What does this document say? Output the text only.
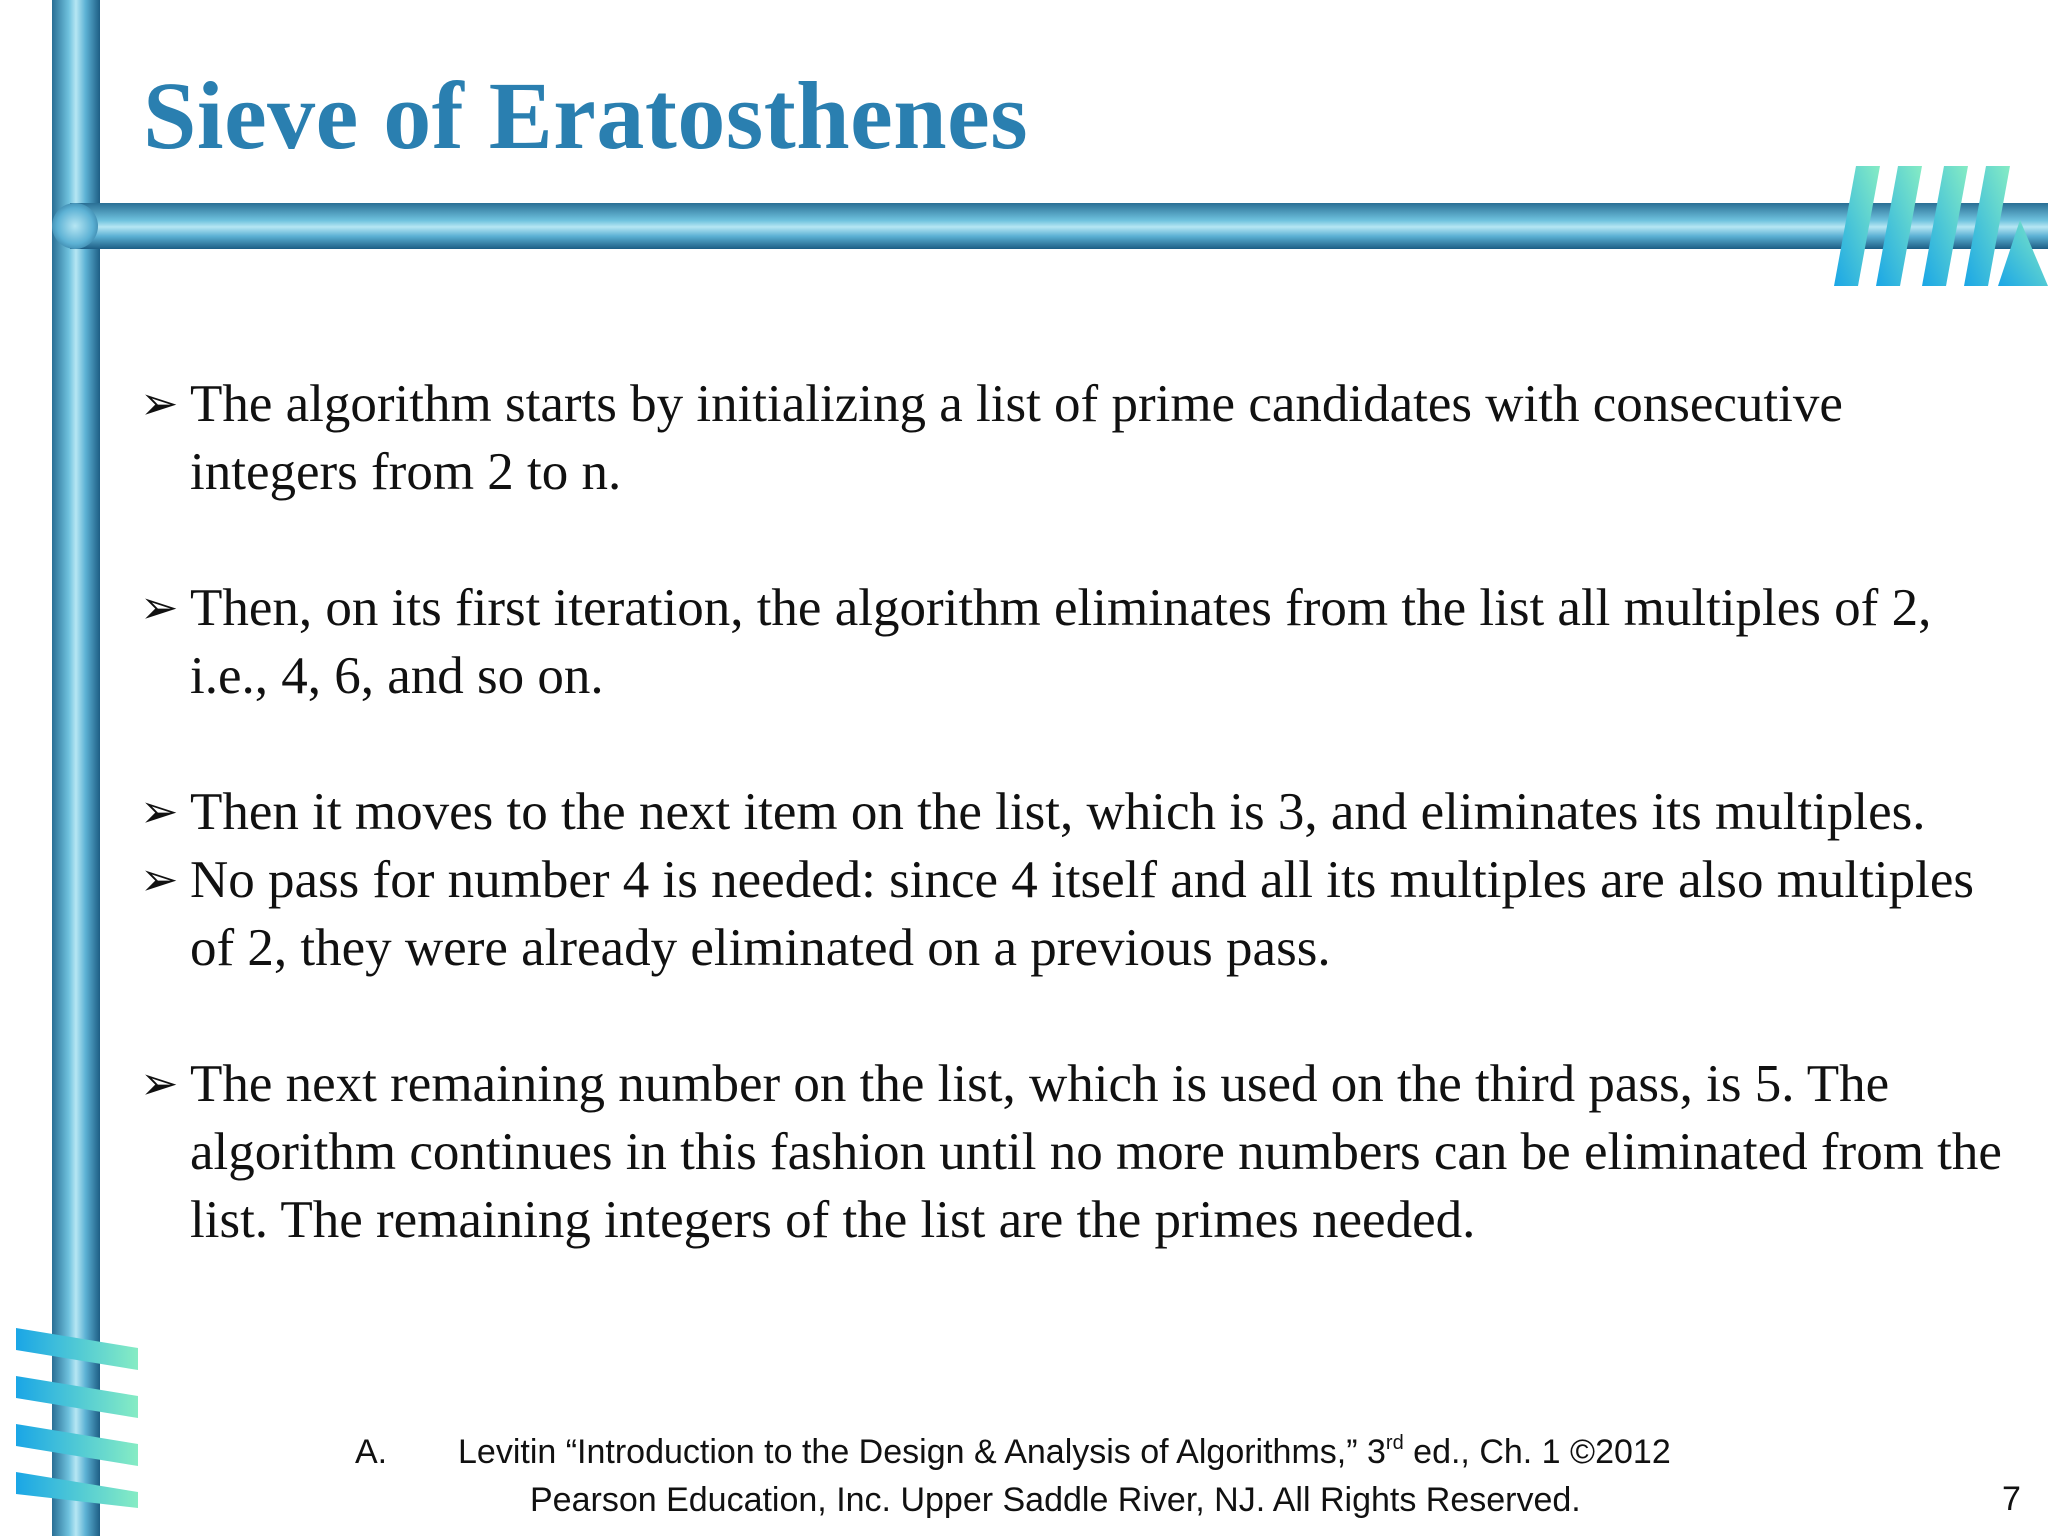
Sieve of Eratosthenes
➢ The algorithm starts by initializing a list of prime candidates with consecutive integers from 2 to n.
➢ Then, on its first iteration, the algorithm eliminates from the list all multiples of 2, i.e., 4, 6, and so on.
➢ Then it moves to the next item on the list, which is 3, and eliminates its multiples.
➢ No pass for number 4 is needed: since 4 itself and all its multiples are also multiples of 2, they were already eliminated on a previous pass.
➢ The next remaining number on the list, which is used on the third pass, is 5. The algorithm continues in this fashion until no more numbers can be eliminated from the list. The remaining integers of the list are the primes needed.
A. Levitin “Introduction to the Design & Analysis of Algorithms,” 3rd ed., Ch. 1 ©2012
Pearson Education, Inc. Upper Saddle River, NJ. All Rights Reserved.	7
